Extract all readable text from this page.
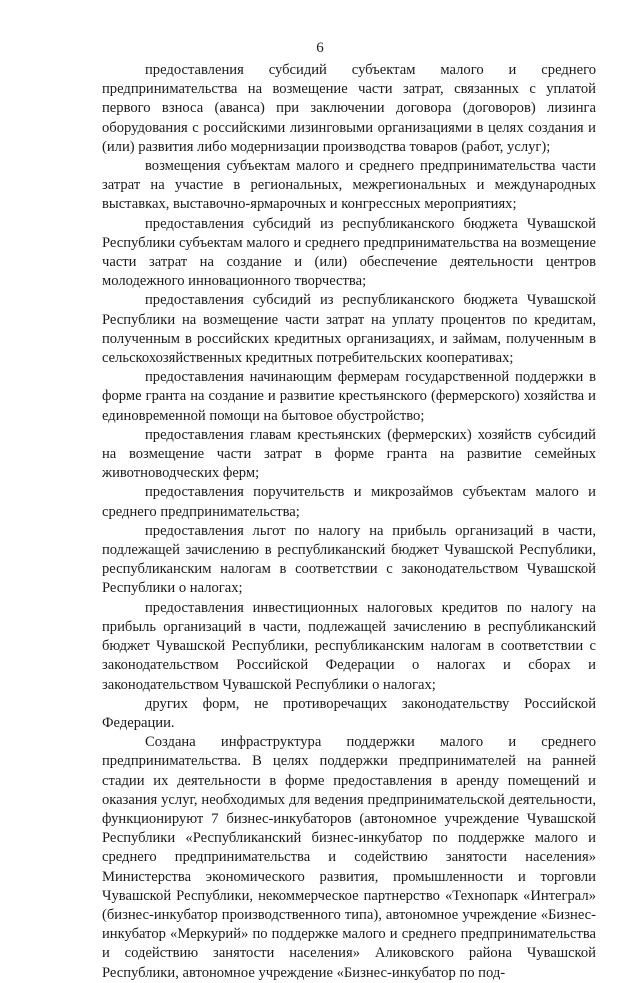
6

предоставления субсидий субъектам малого и среднего предпринимательства на возмещение части затрат, связанных с уплатой первого взноса (аванса) при заключении договора (договоров) лизинга оборудования с российскими лизинговыми организациями в целях создания и (или) развития либо модернизации производства товаров (работ, услуг);

возмещения субъектам малого и среднего предпринимательства части затрат на участие в региональных, межрегиональных и международных выставках, выставочно-ярмарочных и конгрессных мероприятиях;

предоставления субсидий из республиканского бюджета Чувашской Республики субъектам малого и среднего предпринимательства на возмещение части затрат на создание и (или) обеспечение деятельности центров молодежного инновационного творчества;

предоставления субсидий из республиканского бюджета Чувашской Республики на возмещение части затрат на уплату процентов по кредитам, полученным в российских кредитных организациях, и займам, полученным в сельскохозяйственных кредитных потребительских кооперативах;

предоставления начинающим фермерам государственной поддержки в форме гранта на создание и развитие крестьянского (фермерского) хозяйства и единовременной помощи на бытовое обустройство;

предоставления главам крестьянских (фермерских) хозяйств субсидий на возмещение части затрат в форме гранта на развитие семейных животноводческих ферм;

предоставления поручительств и микрозаймов субъектам малого и среднего предпринимательства;

предоставления льгот по налогу на прибыль организаций в части, подлежащей зачислению в республиканский бюджет Чувашской Республики, республиканским налогам в соответствии с законодательством Чувашской Республики о налогах;

предоставления инвестиционных налоговых кредитов по налогу на прибыль организаций в части, подлежащей зачислению в республиканский бюджет Чувашской Республики, республиканским налогам в соответствии с законодательством Российской Федерации о налогах и сборах и законодательством Чувашской Республики о налогах;

других форм, не противоречащих законодательству Российской Федерации.

Создана инфраструктура поддержки малого и среднего предпринимательства. В целях поддержки предпринимателей на ранней стадии их деятельности в форме предоставления в аренду помещений и оказания услуг, необходимых для ведения предпринимательской деятельности, функционируют 7 бизнес-инкубаторов (автономное учреждение Чувашской Республики «Республиканский бизнес-инкубатор по поддержке малого и среднего предпринимательства и содействию занятости населения» Министерства экономического развития, промышленности и торговли Чувашской Республики, некоммерческое партнерство «Технопарк «Интеграл» (бизнес-инкубатор производственного типа), автономное учреждение «Бизнес-инкубатор «Меркурий» по поддержке малого и среднего предпринимательства и содействию занятости населения» Аликовского района Чувашской Республики, автономное учреждение «Бизнес-инкубатор по под-
